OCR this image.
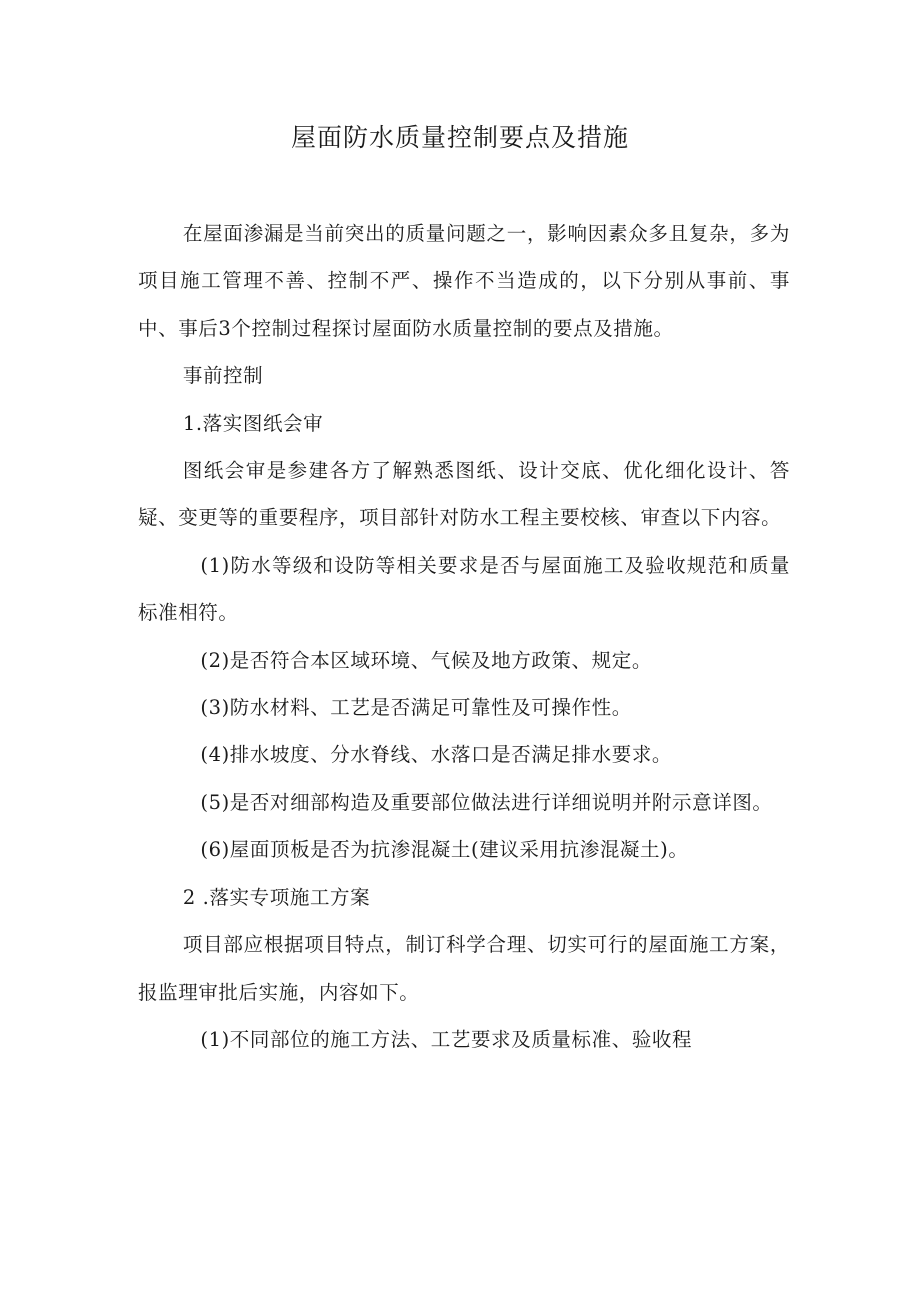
屋面防水质量控制要点及措施

在屋面渗漏是当前突出的质量问题之一，影响因素众多且复杂，多为项目施工管理不善、控制不严、操作不当造成的，以下分别从事前、事中、事后3个控制过程探讨屋面防水质量控制的要点及措施。

事前控制

1.落实图纸会审

图纸会审是参建各方了解熟悉图纸、设计交底、优化细化设计、答疑、变更等的重要程序，项目部针对防水工程主要校核、审查以下内容。

(1)防水等级和设防等相关要求是否与屋面施工及验收规范和质量标准相符。

(2)是否符合本区域环境、气候及地方政策、规定。

(3)防水材料、工艺是否满足可靠性及可操作性。

(4)排水坡度、分水脊线、水落口是否满足排水要求。

(5)是否对细部构造及重要部位做法进行详细说明并附示意详图。

(6)屋面顶板是否为抗渗混凝土(建议采用抗渗混凝土)。

2 .落实专项施工方案

项目部应根据项目特点，制订科学合理、切实可行的屋面施工方案，报监理审批后实施，内容如下。

(1)不同部位的施工方法、工艺要求及质量标准、验收程
